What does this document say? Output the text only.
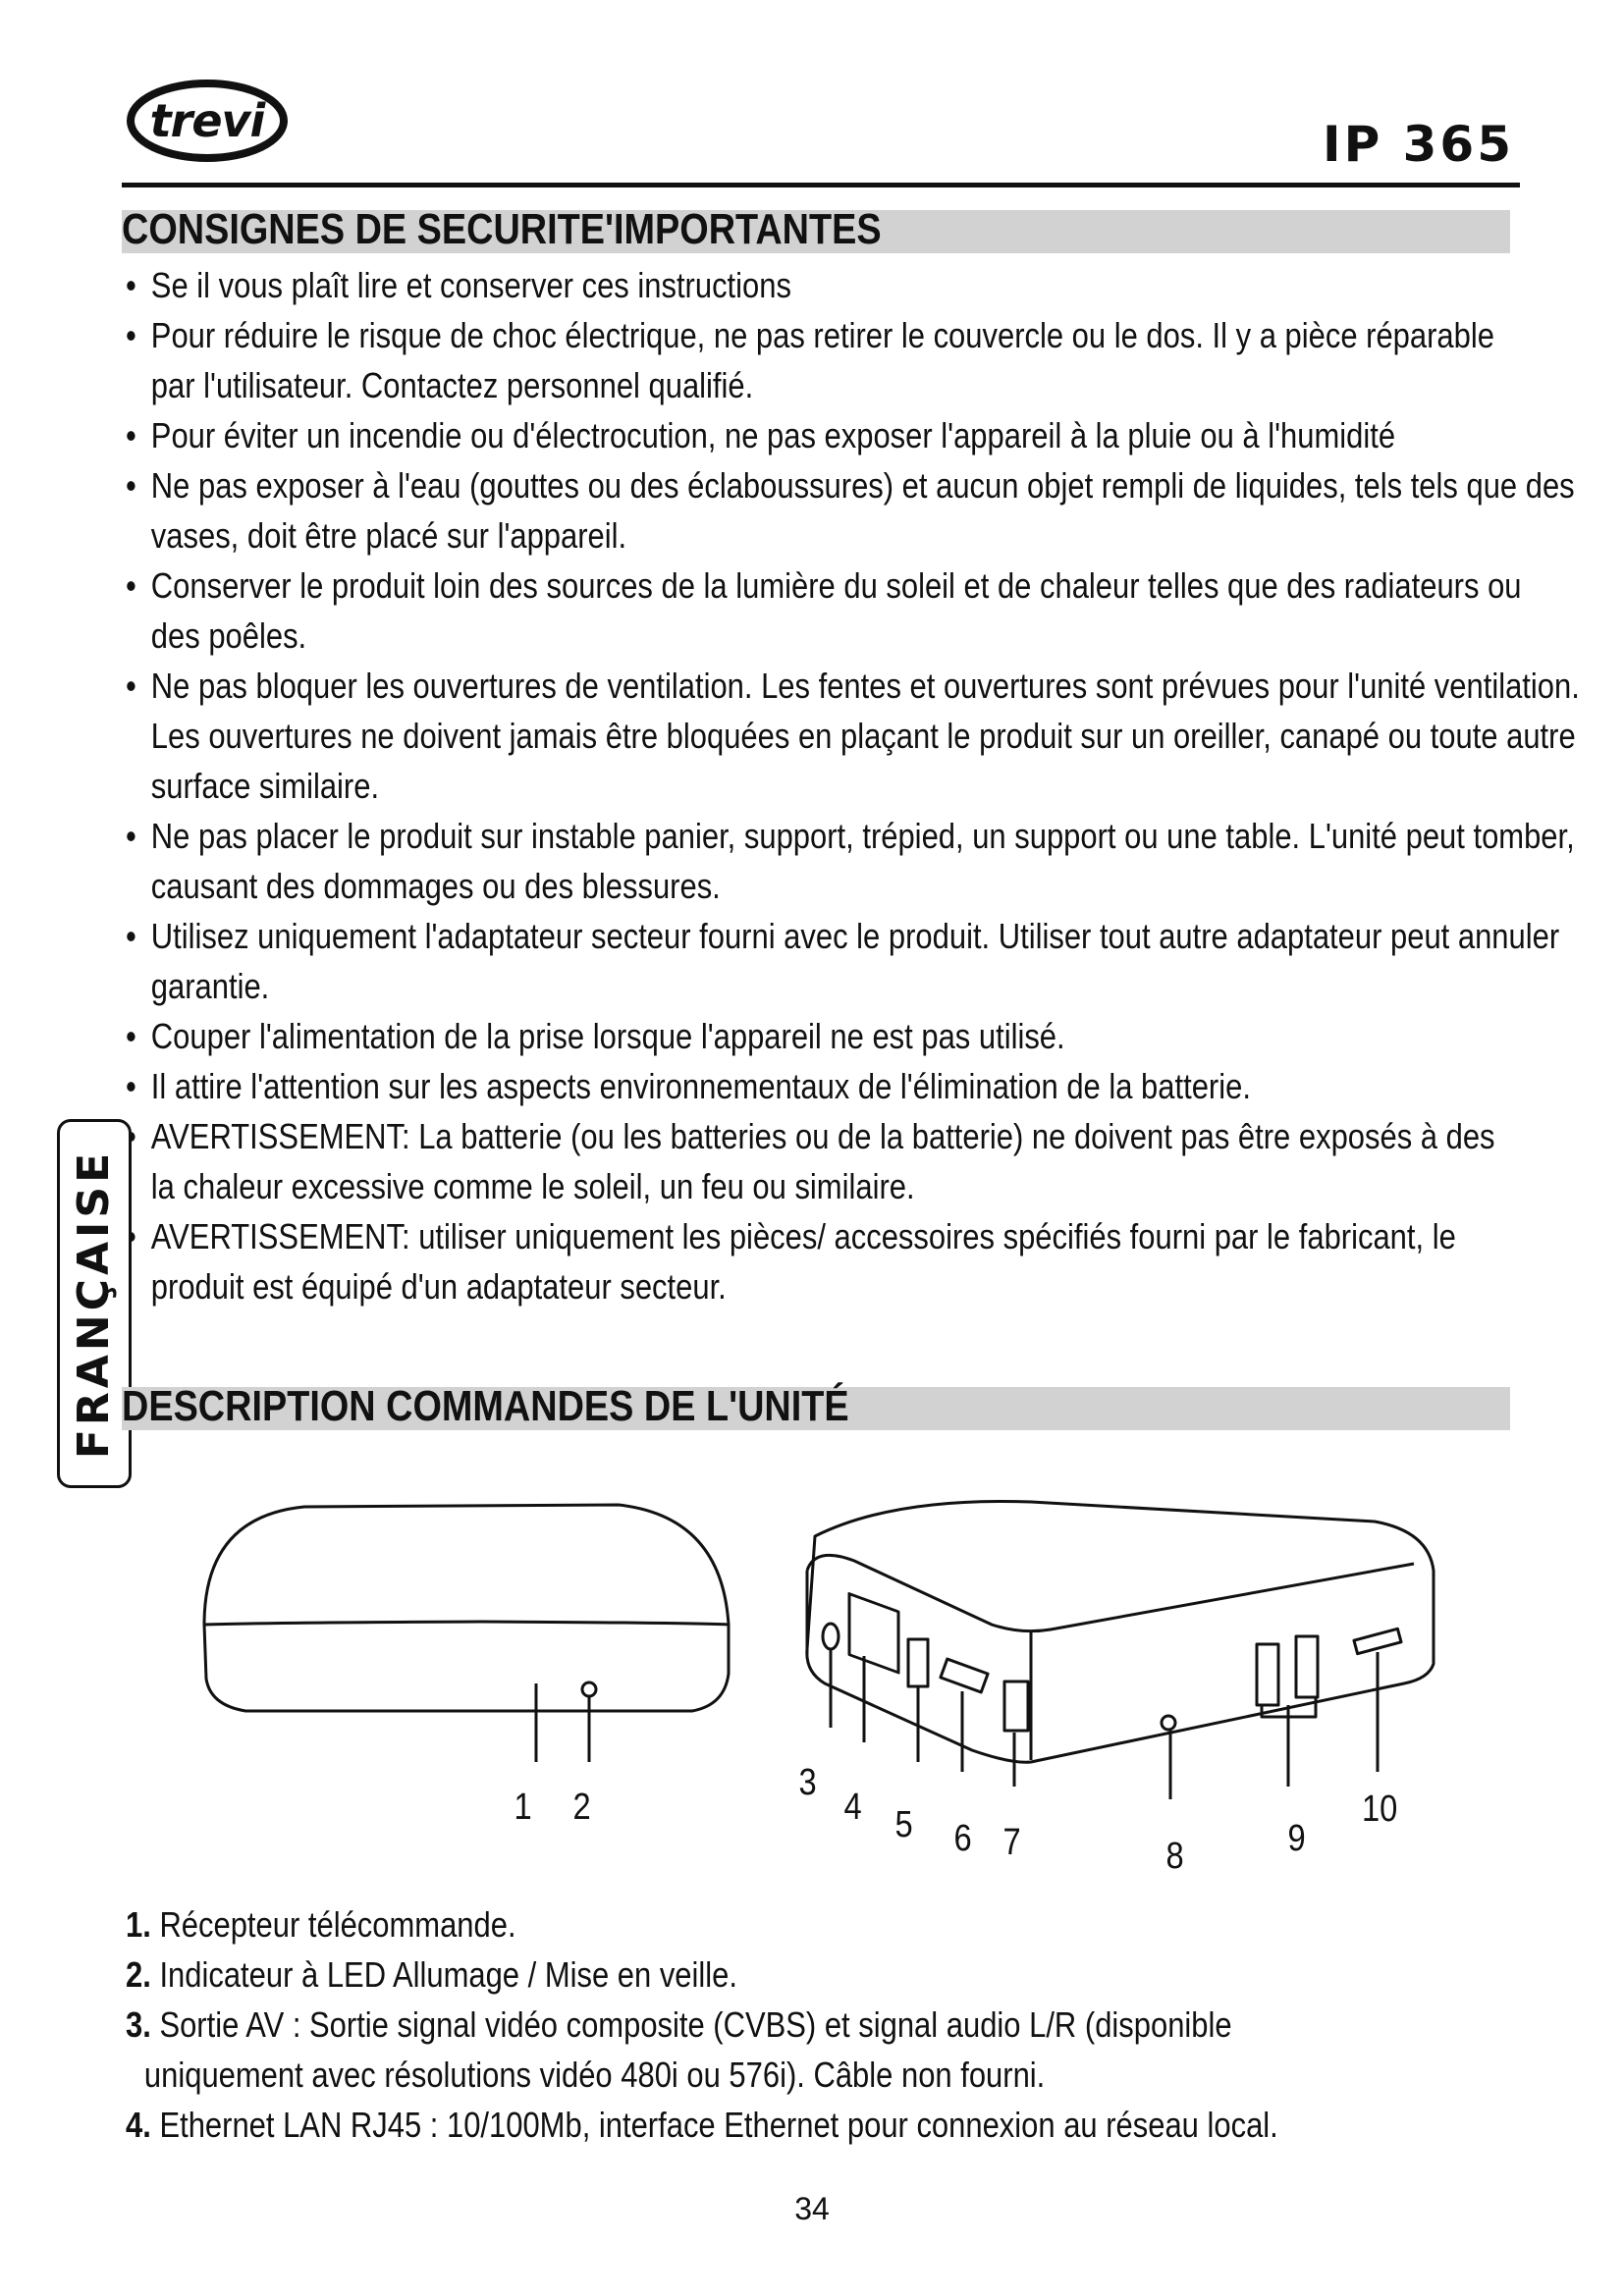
trevi	IP 365
CONSIGNES DE SECURITE'IMPORTANTES
• Se il vous plaît lire et conserver ces instructions
• Pour réduire le risque de choc électrique, ne pas retirer le couvercle ou le dos. Il y a pièce réparable par l'utilisateur. Contactez personnel qualifié.
• Pour éviter un incendie ou d'électrocution, ne pas exposer l'appareil à la pluie ou à l'humidité
• Ne pas exposer à l'eau (gouttes ou des éclaboussures) et aucun objet rempli de liquides, tels tels que des vases, doit être placé sur l'appareil.
• Conserver le produit loin des sources de la lumière du soleil et de chaleur telles que des radiateurs ou des poêles.
• Ne pas bloquer les ouvertures de ventilation. Les fentes et ouvertures sont prévues pour l'unité ventilation. Les ouvertures ne doivent jamais être bloquées en plaçant le produit sur un oreiller, canapé ou toute autre surface similaire.
• Ne pas placer le produit sur instable panier, support, trépied, un support ou une table. L'unité peut tomber, causant des dommages ou des blessures.
• Utilisez uniquement l'adaptateur secteur fourni avec le produit. Utiliser tout autre adaptateur peut annuler garantie.
• Couper l'alimentation de la prise lorsque l'appareil ne est pas utilisé.
• Il attire l'attention sur les aspects environnementaux de l'élimination de la batterie.
• AVERTISSEMENT: La batterie (ou les batteries ou de la batterie) ne doivent pas être exposés à des la chaleur excessive comme le soleil, un feu ou similaire.
• AVERTISSEMENT: utiliser uniquement les pièces/ accessoires spécifiés fourni par le fabricant, le produit est équipé d'un adaptateur secteur.
FRANÇAISE DESCRIPTION COMMANDES DE L'UNITÉ
1 2
3
4 5 6 7	8	9
10
1. Récepteur télécommande.
2. Indicateur à LED Allumage / Mise en veille.
3. Sortie AV : Sortie signal vidéo composite (CVBS) et signal audio L/R (disponible
uniquement avec résolutions vidéo 480i ou 576i). Câble non fourni.
4. Ethernet LAN RJ45 : 10/100Mb, interface Ethernet pour connexion au réseau local.
34
